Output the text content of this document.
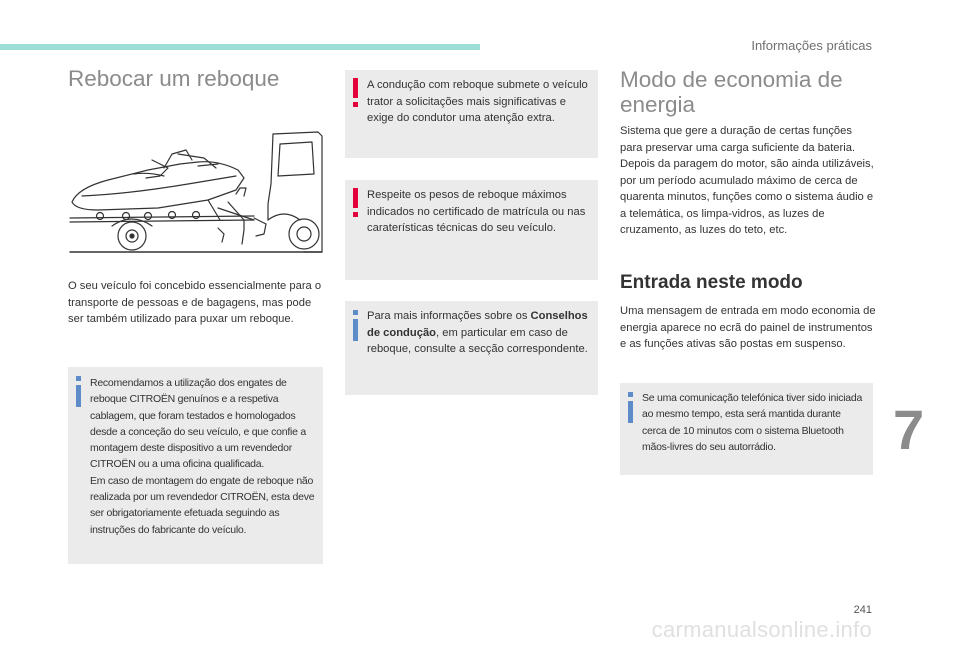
Informações práticas
7
241
carmanualsonline.info
Rebocar um reboque

O seu veículo foi concebido essencialmente para o transporte de pessoas e de bagagens, mas pode ser também utilizado para puxar um reboque.

Recomendamos a utilização dos engates de reboque CITROËN genuínos e a respetiva cablagem, que foram testados e homologados desde a conceção do seu veículo, e que confie a montagem deste dispositivo a um revendedor CITROËN ou a uma oficina qualificada.

Em caso de montagem do engate de reboque não realizada por um revendedor CITROËN, esta deve ser obrigatoriamente efetuada seguindo as instruções do fabricante do veículo.

A condução com reboque submete o veículo trator a solicitações mais significativas e exige do condutor uma atenção extra.

Respeite os pesos de reboque máximos indicados no certificado de matrícula ou nas caraterísticas técnicas do seu veículo.

Para mais informações sobre os Conselhos de condução, em particular em caso de reboque, consulte a secção correspondente.

Modo de economia de energia

Sistema que gere a duração de certas funções para preservar uma carga suficiente da bateria. Depois da paragem do motor, são ainda utilizáveis, por um período acumulado máximo de cerca de quarenta minutos, funções como o sistema áudio e a telemática, os limpa-vidros, as luzes de cruzamento, as luzes do teto, etc.

Entrada neste modo

Uma mensagem de entrada em modo economia de energia aparece no ecrã do painel de instrumentos e as funções ativas são postas em suspenso.

Se uma comunicação telefónica tiver sido iniciada ao mesmo tempo, esta será mantida durante cerca de 10 minutos com o sistema Bluetooth mãos-livres do seu autorrádio.
